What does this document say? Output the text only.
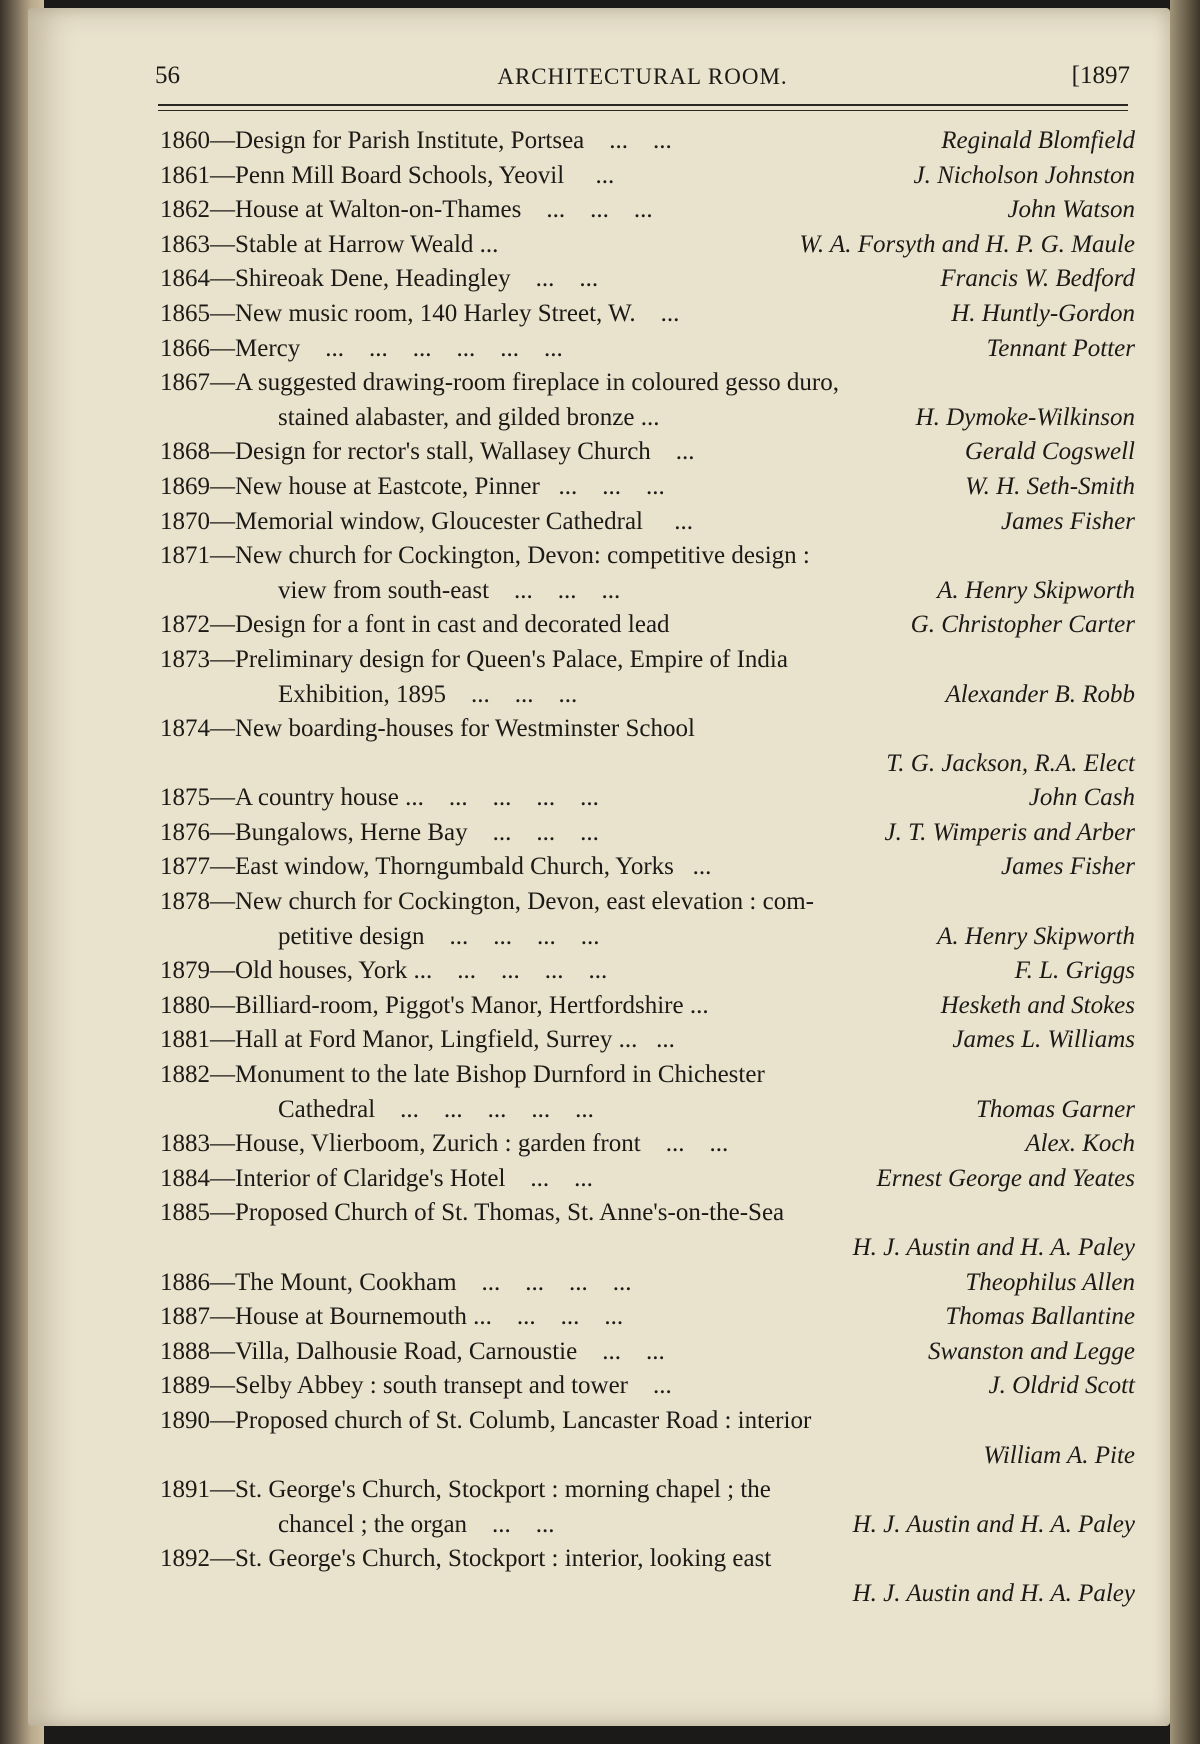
56	ARCHITECTURAL ROOM.	[1897
1860—Design for Parish Institute, Portsea    ...    ...	Reginald Blomfield
1861—Penn Mill Board Schools, Yeovil     ...	J. Nicholson Johnston
1862—House at Walton-on-Thames    ...    ...    ...	John Watson
1863—Stable at Harrow Weald ...	W. A. Forsyth and H. P. G. Maule
1864—Shireoak Dene, Headingley    ...    ...	Francis W. Bedford
1865—New music room, 140 Harley Street, W.    ...	H. Huntly-Gordon
1866—Mercy    ...    ...    ...    ...    ...    ...	Tennant Potter
1867—A suggested drawing-room fireplace in coloured gesso duro,
stained alabaster, and gilded bronze ...	H. Dymoke-Wilkinson
1868—Design for rector's stall, Wallasey Church    ...	Gerald Cogswell
1869—New house at Eastcote, Pinner   ...    ...    ...	W. H. Seth-Smith
1870—Memorial window, Gloucester Cathedral     ...	James Fisher
1871—New church for Cockington, Devon: competitive design :
view from south-east    ...    ...    ...	A. Henry Skipworth
1872—Design for a font in cast and decorated lead	G. Christopher Carter
1873—Preliminary design for Queen's Palace, Empire of India
Exhibition, 1895    ...    ...    ...	Alexander B. Robb
1874—New boarding-houses for Westminster School
T. G. Jackson, R.A. Elect
1875—A country house ...    ...    ...    ...    ...	John Cash
1876—Bungalows, Herne Bay    ...    ...    ...	J. T. Wimperis and Arber
1877—East window, Thorngumbald Church, Yorks   ...	James Fisher
1878—New church for Cockington, Devon, east elevation : com-
petitive design    ...    ...    ...    ...	A. Henry Skipworth
1879—Old houses, York ...    ...    ...    ...    ...	F. L. Griggs
1880—Billiard-room, Piggot's Manor, Hertfordshire ...	Hesketh and Stokes
1881—Hall at Ford Manor, Lingfield, Surrey ...   ...	James L. Williams
1882—Monument to the late Bishop Durnford in Chichester
Cathedral    ...    ...    ...    ...    ...	Thomas Garner
1883—House, Vlierboom, Zurich : garden front    ...    ...	Alex. Koch
1884—Interior of Claridge's Hotel    ...    ...	Ernest George and Yeates
1885—Proposed Church of St. Thomas, St. Anne's-on-the-Sea
H. J. Austin and H. A. Paley
1886—The Mount, Cookham    ...    ...    ...    ...	Theophilus Allen
1887—House at Bournemouth ...    ...    ...    ...	Thomas Ballantine
1888—Villa, Dalhousie Road, Carnoustie    ...    ...	Swanston and Legge
1889—Selby Abbey : south transept and tower    ...	J. Oldrid Scott
1890—Proposed church of St. Columb, Lancaster Road : interior
William A. Pite
1891—St. George's Church, Stockport : morning chapel ; the
chancel ; the organ    ...    ...	H. J. Austin and H. A. Paley
1892—St. George's Church, Stockport : interior, looking east
H. J. Austin and H. A. Paley
